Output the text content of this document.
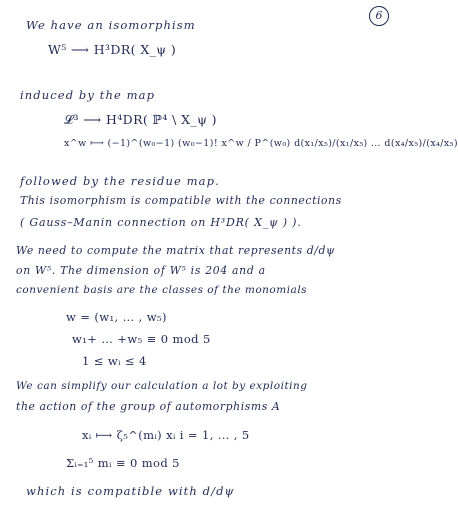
6
We have an isomorphism
W⁵ ⟶ H³DR( X_ψ )
induced by the map
𝓛³ ⟶ H⁴DR( ℙ⁴ \ X_ψ )
x^w ⟼ (−1)^(w₀−1) (w₀−1)! x^w / P^(w₀) d(x₁/x₅)/(x₁/x₅) … d(x₄/x₅)/(x₄/x₅)
followed by the residue map.
This isomorphism is compatible with the connections
( Gauss–Manin connection on H³DR( X_ψ ) ).
We need to compute the matrix that represents d/dψ
on W⁵. The dimension of W⁵ is 204 and a
convenient basis are the classes of the monomials
w = (w₁, … , w₅)
w₁+ … +w₅ ≡ 0 mod 5
1 ≤ wᵢ ≤ 4
We can simplify our calculation a lot by exploiting
the action of the group of automorphisms A
xᵢ ⟼ ζ₅^(mᵢ) xᵢ i = 1, … , 5
Σᵢ₌₁⁵ mᵢ ≡ 0 mod 5
which is compatible with d/dψ
